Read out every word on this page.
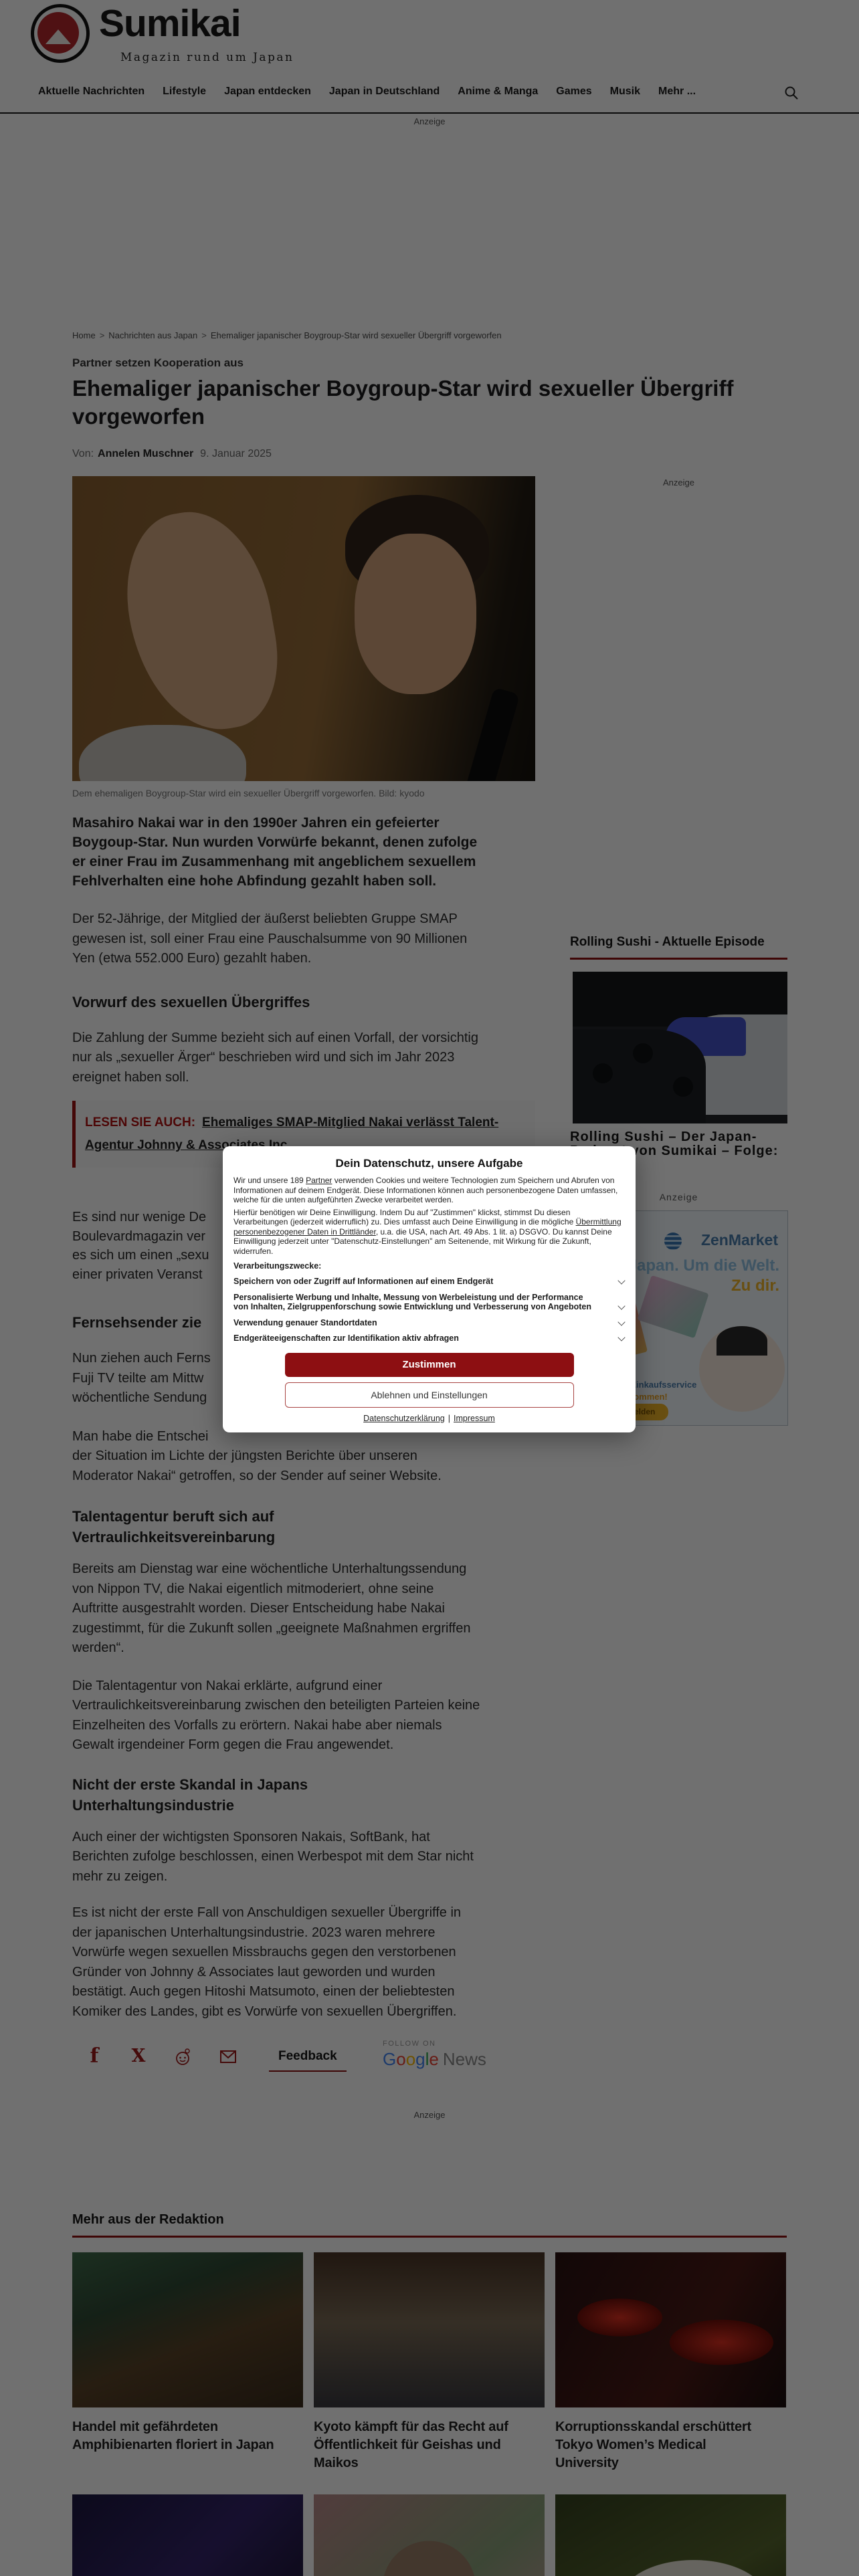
Dein Datenschutz, unsere Aufgabe

Wir und unsere 189 Partner verwenden Cookies und weitere Technologien zum Speichern und Abrufen von Informationen auf deinem Endgerät. Diese Informationen können auch personenbezogene Daten umfassen, welche für die unten aufgeführten Zwecke verarbeitet werden.

Hierfür benötigen wir Deine Einwilligung. Indem Du auf "Zustimmen" klickst, stimmst Du diesen Verarbeitungen (jederzeit widerruflich) zu. Dies umfasst auch Deine Einwilligung in die mögliche Übermittlung personenbezogener Daten in Drittländer, u.a. die USA, nach Art. 49 Abs. 1 lit. a) DSGVO. Du kannst Deine Einwilligung jederzeit unter "Datenschutz-Einstellungen" am Seitenende, mit Wirkung für die Zukunft, widerrufen.

Verarbeitungszwecke:
Speichern von oder Zugriff auf Informationen auf einem Endgerät
Personalisierte Werbung und Inhalte, Messung von Werbeleistung und der Performance von Inhalten, Zielgruppenforschung sowie Entwicklung und Verbesserung von Angeboten
Verwendung genauer Standortdaten
Endgeräteeigenschaften zur Identifikation aktiv abfragen
Zustimmen
Ablehnen und Einstellungen
Datenschutzerklärung | Impressum
